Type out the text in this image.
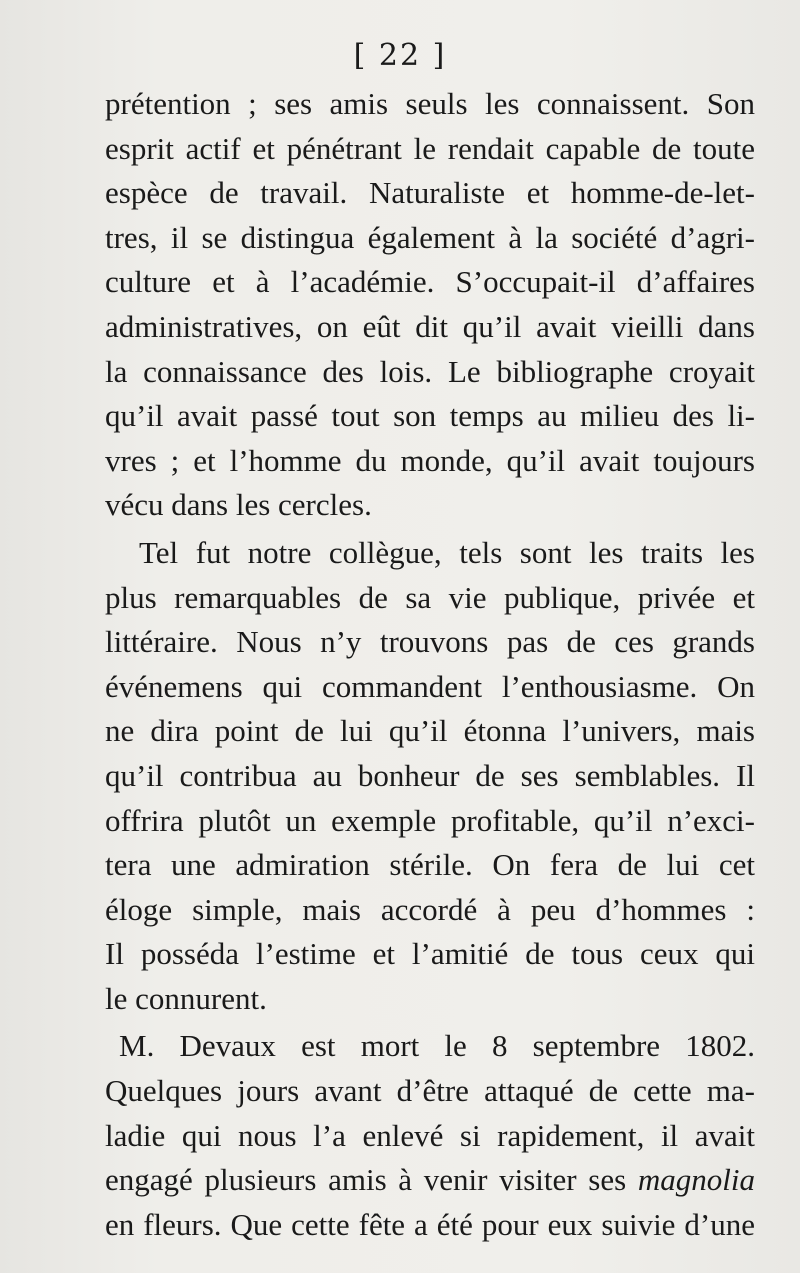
[ 22 ]
prétention ; ses amis seuls les connaissent. Son
esprit actif et pénétrant le rendait capable de toute
espèce de travail. Naturaliste et homme-de-let-
tres, il se distingua également à la société d’agri-
culture et à l’académie. S’occupait-il d’affaires
administratives, on eût dit qu’il avait vieilli dans
la connaissance des lois. Le bibliographe croyait
qu’il avait passé tout son temps au milieu des li-
vres ; et l’homme du monde, qu’il avait toujours
vécu dans les cercles.
Tel fut notre collègue, tels sont les traits les
plus remarquables de sa vie publique, privée et
littéraire. Nous n’y trouvons pas de ces grands
événemens qui commandent l’enthousiasme. On
ne dira point de lui qu’il étonna l’univers, mais
qu’il contribua au bonheur de ses semblables. Il
offrira plutôt un exemple profitable, qu’il n’exci-
tera une admiration stérile. On fera de lui cet
éloge simple, mais accordé à peu d’hommes :
Il posséda l’estime et l’amitié de tous ceux qui
le connurent.
M. Devaux est mort le 8 septembre 1802.
Quelques jours avant d’être attaqué de cette ma-
ladie qui nous l’a enlevé si rapidement, il avait
engagé plusieurs amis à venir visiter ses magnolia
en fleurs. Que cette fête a été pour eux suivie d’une
